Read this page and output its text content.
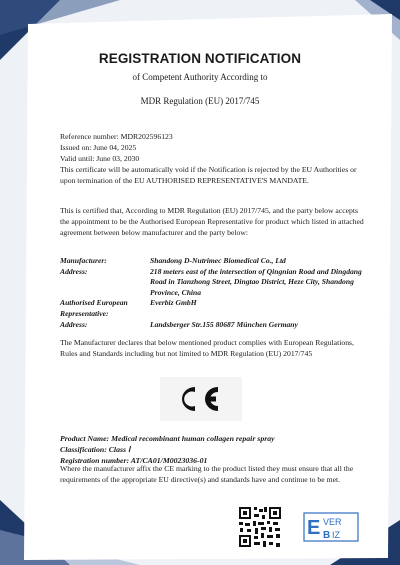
REGISTRATION NOTIFICATION
of Competent Authority According to
MDR Regulation (EU) 2017/745
Reference number: MDR202596123
Issued on: June 04, 2025
Valid until: June 03, 2030
This certificate will be automatically void if the Notification is rejected by the EU Authorities or upon termination of the EU AUTHORISED REPRESENTATIVE'S MANDATE.
This is certified that, According to MDR Regulation (EU) 2017/745, and the party below accepts the appointment to be the Authorised European Representative for product which listed in attached agreement between below manufacturer and the party below:
Manufacturer:	Shandong D-Nutrimec Biomedical Co., Ltd
Address:	218 meters east of the intersection of Qingnian Road and Dingdang Road in Tianzhong Street, Dingtao District, Heze City, Shandong Province, China
Authorised European Representative:
Everbiz GmbH
Address:	Landsberger Str.155 80687 München Germany
The Manufacturer declares that below mentioned product complies with European Regulations, Rules and Standards including but not limited to MDR Regulation (EU) 2017/745
Product Name: Medical recombinant human collagen repair spray
Classification: Class Ⅰ
Registration number: AT/CA01/M0023036-01
Where the manufacturer affix the CE marking to the product listed they must ensure that all the requirements of the appropriate EU directive(s) and standards have and continue to be met.
E VER
B IZ
